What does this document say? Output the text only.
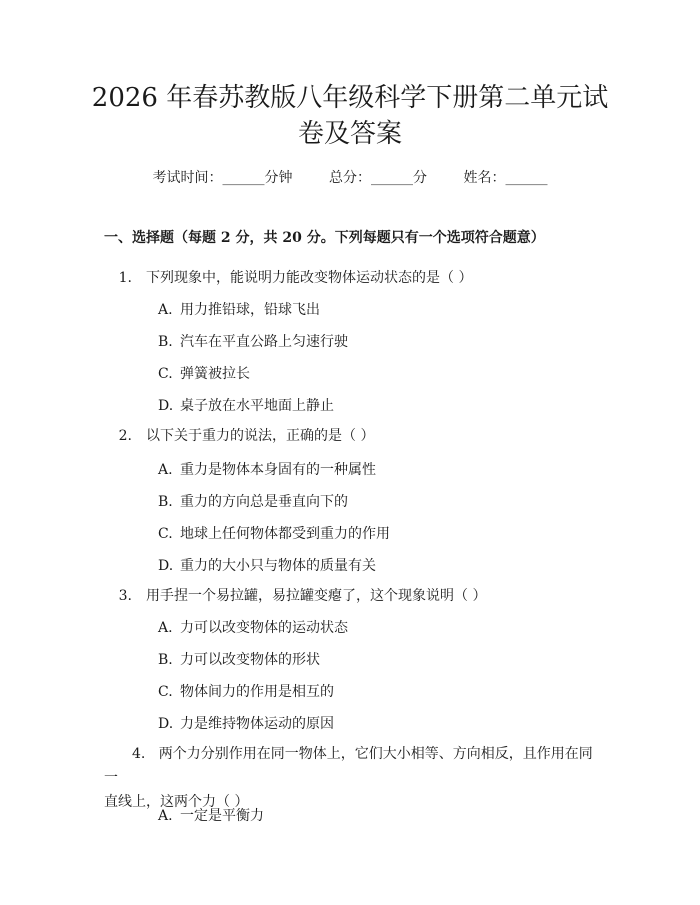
2026 年春苏教版八年级科学下册第二单元试
卷及答案
考试时间：______分钟	总分：______分	姓名：______
一、选择题（每题 2 分，共 20 分。下列每题只有一个选项符合题意）
1. 下列现象中，能说明力能改变物体运动状态的是（ ）
A. 用力推铅球，铅球飞出
B. 汽车在平直公路上匀速行驶
C. 弹簧被拉长
D. 桌子放在水平地面上静止
2. 以下关于重力的说法，正确的是（ ）
A. 重力是物体本身固有的一种属性
B. 重力的方向总是垂直向下的
C. 地球上任何物体都受到重力的作用
D. 重力的大小只与物体的质量有关
3. 用手捏一个易拉罐，易拉罐变瘪了，这个现象说明（ ）
A. 力可以改变物体的运动状态
B. 力可以改变物体的形状
C. 物体间力的作用是相互的
D. 力是维持物体运动的原因
4. 两个力分别作用在同一物体上，它们大小相等、方向相反，且作用在同一
直线上，这两个力（ ）
A. 一定是平衡力
